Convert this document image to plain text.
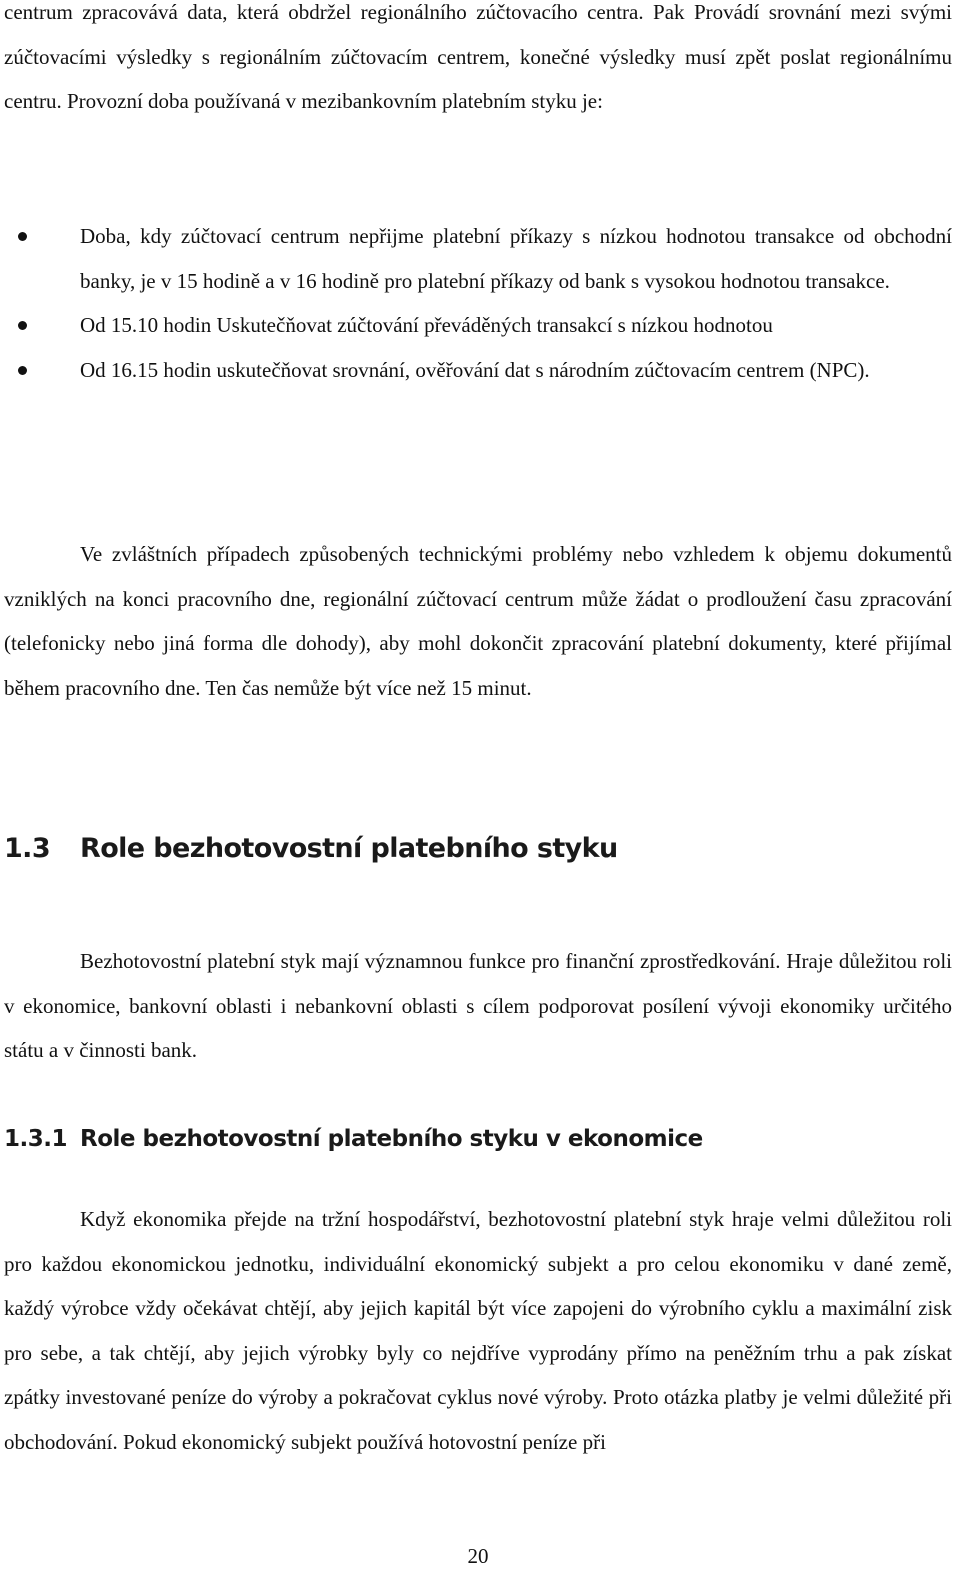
centrum zpracovává data, která obdržel regionálního zúčtovacího centra. Pak Provádí srovnání mezi svými zúčtovacími výsledky s regionálním zúčtovacím centrem, konečné výsledky musí zpět poslat regionálnímu centru. Provozní doba používaná v mezibankovním platebním styku je:

Doba, kdy zúčtovací centrum nepřijme platební příkazy s nízkou hodnotou transakce od obchodní banky, je v 15 hodině a v 16 hodině pro platební příkazy od bank s vysokou hodnotou transakce.
Od 15.10 hodin Uskutečňovat zúčtování převáděných transakcí s nízkou hodnotou
Od 16.15 hodin uskutečňovat srovnání, ověřování dat s národním zúčtovacím centrem (NPC).

Ve zvláštních případech způsobených technickými problémy nebo vzhledem k objemu dokumentů vzniklých na konci pracovního dne, regionální zúčtovací centrum může žádat o prodloužení času zpracování (telefonicky nebo jiná forma dle dohody), aby mohl dokončit zpracování platební dokumenty, které přijímal během pracovního dne. Ten čas nemůže být více než 15 minut.

1.3 Role bezhotovostní platebního styku

Bezhotovostní platební styk mají významnou funkce pro finanční zprostředkování. Hraje důležitou roli v ekonomice, bankovní oblasti i nebankovní oblasti s cílem podporovat posílení vývoji ekonomiky určitého státu a v činnosti bank.

1.3.1 Role bezhotovostní platebního styku v ekonomice

Když ekonomika přejde na tržní hospodářství, bezhotovostní platební styk hraje velmi důležitou roli pro každou ekonomickou jednotku, individuální ekonomický subjekt a pro celou ekonomiku v dané země, každý výrobce vždy očekávat chtějí, aby jejich kapitál být více zapojeni do výrobního cyklu a maximální zisk pro sebe, a tak chtějí, aby jejich výrobky byly co nejdříve vyprodány přímo na peněžním trhu a pak získat zpátky investované peníze do výroby a pokračovat cyklus nové výroby. Proto otázka platby je velmi důležité při obchodování. Pokud ekonomický subjekt používá hotovostní peníze při

20
